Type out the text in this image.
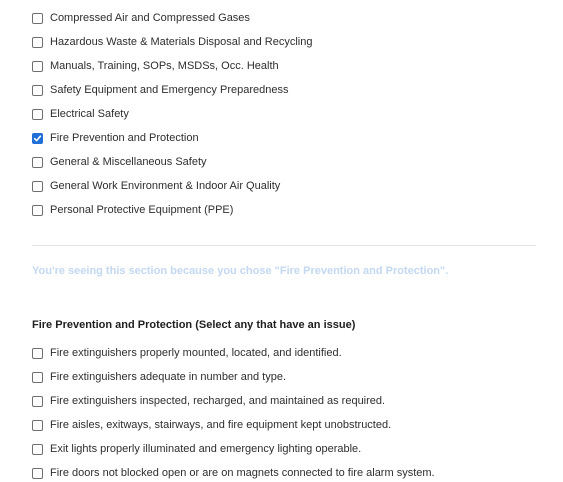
Compressed Air and Compressed Gases
Hazardous Waste & Materials Disposal and Recycling
Manuals, Training, SOPs, MSDSs, Occ. Health
Safety Equipment and Emergency Preparedness
Electrical Safety
Fire Prevention and Protection
General & Miscellaneous Safety
General Work Environment & Indoor Air Quality
Personal Protective Equipment (PPE)
You're seeing this section because you chose "Fire Prevention and Protection".
Fire Prevention and Protection (Select any that have an issue)
Fire extinguishers properly mounted, located, and identified.
Fire extinguishers adequate in number and type.
Fire extinguishers inspected, recharged, and maintained as required.
Fire aisles, exitways, stairways, and fire equipment kept unobstructed.
Exit lights properly illuminated and emergency lighting operable.
Fire doors not blocked open or are on magnets connected to fire alarm system.
